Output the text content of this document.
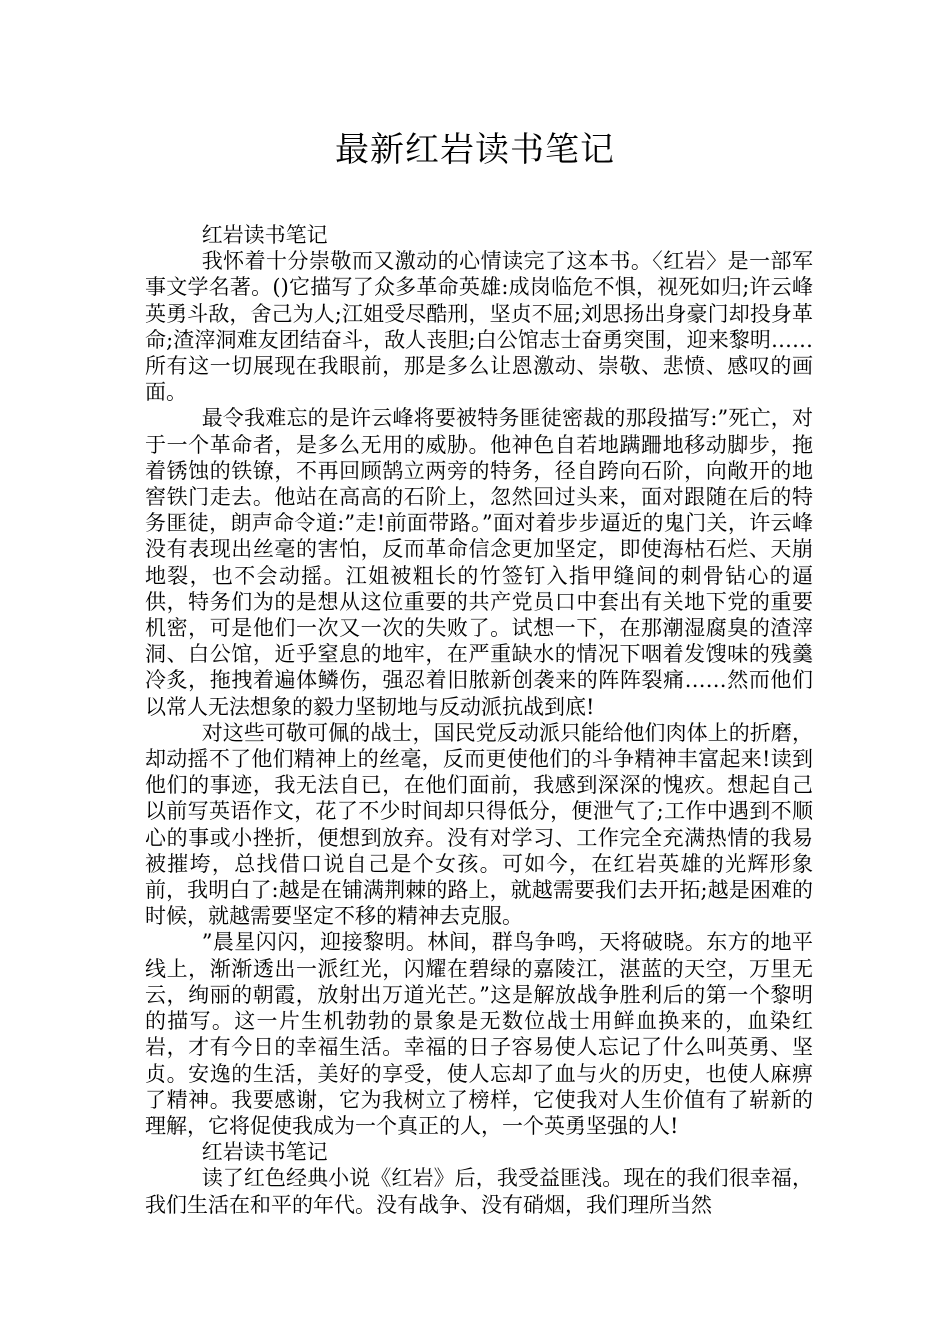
最新红岩读书笔记

红岩读书笔记

我怀着十分崇敬而又激动的心情读完了这本书。〈红岩〉是一部军事文学名著。()它描写了众多革命英雄:成岗临危不惧，视死如归;许云峰英勇斗敌，舍己为人;江姐受尽酷刑，坚贞不屈;刘思扬出身豪门却投身革命;渣滓洞难友团结奋斗，敌人丧胆;白公馆志士奋勇突围，迎来黎明……所有这一切展现在我眼前，那是多么让恩激动、崇敬、悲愤、感叹的画面。

最令我难忘的是许云峰将要被特务匪徒密裁的那段描写:”死亡，对于一个革命者，是多么无用的威胁。他神色自若地蹒跚地移动脚步，拖着锈蚀的铁镣，不再回顾鹄立两旁的特务，径自跨向石阶，向敞开的地窖铁门走去。他站在高高的石阶上，忽然回过头来，面对跟随在后的特务匪徒，朗声命令道:”走!前面带路。”面对着步步逼近的鬼门关，许云峰没有表现出丝毫的害怕，反而革命信念更加坚定，即使海枯石烂、天崩地裂，也不会动摇。江姐被粗长的竹签钉入指甲缝间的刺骨钻心的逼供，特务们为的是想从这位重要的共产党员口中套出有关地下党的重要机密，可是他们一次又一次的失败了。试想一下，在那潮湿腐臭的渣滓洞、白公馆，近乎窒息的地牢，在严重缺水的情况下咽着发馊味的残羹冷炙，拖拽着遍体鳞伤，强忍着旧脓新创袭来的阵阵裂痛……然而他们以常人无法想象的毅力坚韧地与反动派抗战到底!

对这些可敬可佩的战士，国民党反动派只能给他们肉体上的折磨，却动摇不了他们精神上的丝毫，反而更使他们的斗争精神丰富起来!读到他们的事迹，我无法自已，在他们面前，我感到深深的愧疚。想起自己以前写英语作文，花了不少时间却只得低分，便泄气了;工作中遇到不顺心的事或小挫折，便想到放弃。没有对学习、工作完全充满热情的我易被摧垮，总找借口说自己是个女孩。可如今，在红岩英雄的光辉形象前，我明白了:越是在铺满荆棘的路上，就越需要我们去开拓;越是困难的时候，就越需要坚定不移的精神去克服。

”晨星闪闪，迎接黎明。林间，群鸟争鸣，天将破晓。东方的地平线上，渐渐透出一派红光，闪耀在碧绿的嘉陵江，湛蓝的天空，万里无云，绚丽的朝霞，放射出万道光芒。”这是解放战争胜利后的第一个黎明的描写。这一片生机勃勃的景象是无数位战士用鲜血换来的，血染红岩，才有今日的幸福生活。幸福的日子容易使人忘记了什么叫英勇、坚贞。安逸的生活，美好的享受，使人忘却了血与火的历史，也使人麻痹了精神。我要感谢，它为我树立了榜样，它使我对人生价值有了崭新的理解，它将促使我成为一个真正的人，一个英勇坚强的人!

红岩读书笔记

读了红色经典小说《红岩》后，我受益匪浅。现在的我们很幸福，我们生活在和平的年代。没有战争、没有硝烟，我们理所当然
